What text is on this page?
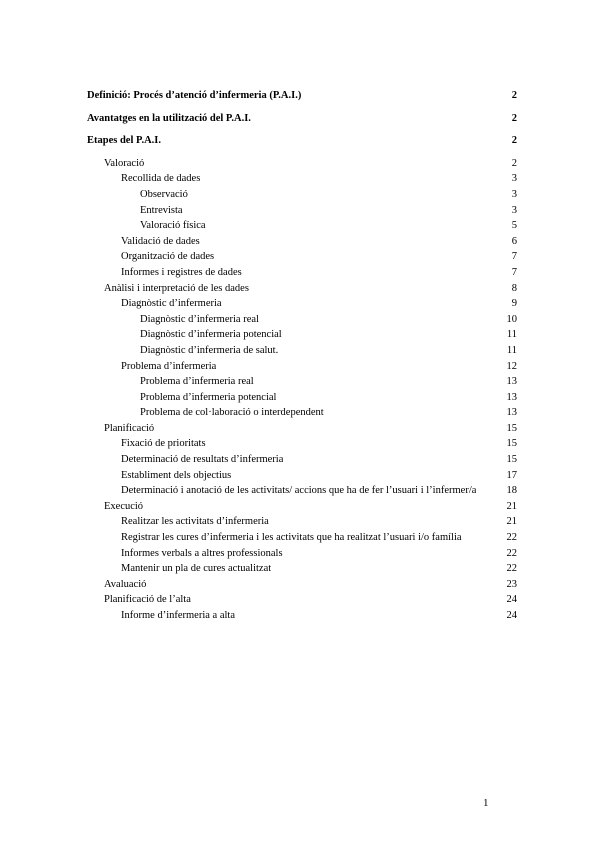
Definició: Procés d’atenció d’infermeria (P.A.I.)	2
Avantatges en la utilització del P.A.I.	2
Etapes del P.A.I.	2
Valoració	2
Recollida de dades	3
Observació	3
Entrevista	3
Valoració física	5
Validació de dades	6
Organització de dades	7
Informes i registres de dades	7
Anàlisi i interpretació de les dades	8
Diagnòstic d’infermeria	9
Diagnòstic d’infermeria real	10
Diagnòstic d’infermeria potencial	11
Diagnòstic d’infermeria de salut.	11
Problema d’infermeria	12
Problema d’infermeria real	13
Problema d’infermeria potencial	13
Problema de col·laboració o interdependent	13
Planificació	15
Fixació de prioritats	15
Determinació de resultats d’infermeria	15
Establiment dels objectius	17
Determinació i anotació de les activitats/ accions que ha de fer l’usuari i l’infermer/a	18
Execució	21
Realitzar les activitats d’infermeria	21
Registrar les cures d’infermeria i les activitats que ha realitzat l’usuari i/o família	22
Informes verbals a altres professionals	22
Mantenir un pla de cures actualitzat	22
Avaluació	23
Planificació de l’alta	24
Informe d’infermeria a alta	24
1
